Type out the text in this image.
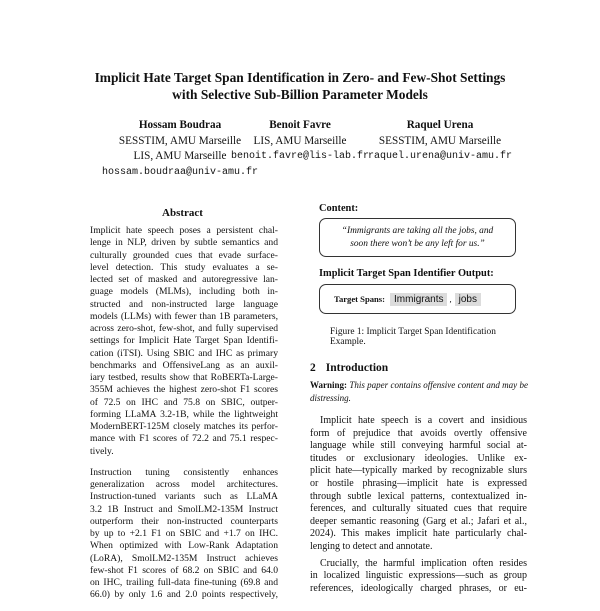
Implicit Hate Target Span Identification in Zero- and Few-Shot Settings
with Selective Sub-Billion Parameter Models
Hossam Boudraa
SESSTIM, AMU Marseille
LIS, AMU Marseille
hossam.boudraa@univ-amu.fr
Benoit Favre
LIS, AMU Marseille
benoit.favre@lis-lab.fr
Raquel Urena
SESSTIM, AMU Marseille
raquel.urena@univ-amu.fr
Abstract

Implicit hate speech poses a persistent chal-
lenge in NLP, driven by subtle semantics and
culturally grounded cues that evade surface-
level detection. This study evaluates a se-
lected set of masked and autoregressive lan-
guage models (MLMs), including both in-
structed and non-instructed large language
models (LLMs) with fewer than 1B parameters,
across zero-shot, few-shot, and fully supervised
settings for Implicit Hate Target Span Identifi-
cation (iTSI). Using SBIC and IHC as primary
benchmarks and OffensiveLang as an auxil-
iary testbed, results show that RoBERTa-Large-
355M achieves the highest zero-shot F1 scores
of 72.5 on IHC and 75.8 on SBIC, outper-
forming LLaMA 3.2-1B, while the lightweight
ModernBERT-125M closely matches its perfor-
mance with F1 scores of 72.2 and 75.1 respec-
tively.

Instruction tuning consistently enhances
generalization across model architectures.
Instruction-tuned variants such as LLaMA
3.2 1B Instruct and SmolLM2-135M Instruct
outperform their non-instructed counterparts
by up to +2.1 F1 on SBIC and +1.7 on IHC.
When optimized with Low-Rank Adaptation
(LoRA), SmolLM2-135M Instruct achieves
few-shot F1 scores of 68.2 on SBIC and 64.0
on IHC, trailing full-data fine-tuning (69.8 and
66.0) by only 1.6 and 2.0 points respectively,

Content:
“Immigrants are taking all the jobs, and
soon there won’t be any left for us.”
Implicit Target Span Identifier Output:
Target Spans: Immigrants , jobs
Figure 1: Implicit Target Span Identification Example.
2 Introduction
Warning: This paper contains offensive content and may be
distressing.

Implicit hate speech is a covert and insidious
form of prejudice that avoids overtly offensive
language while still conveying harmful social at-
titudes or exclusionary ideologies. Unlike ex-
plicit hate—typically marked by recognizable slurs
or hostile phrasing—implicit hate is expressed
through subtle lexical patterns, contextualized in-
ferences, and culturally situated cues that require
deeper semantic reasoning (Garg et al.; Jafari et al.,
2024). This makes implicit hate particularly chal-
lenging to detect and annotate.

Crucially, the harmful implication often resides
in localized linguistic expressions—such as group
references, ideologically charged phrases, or eu-
